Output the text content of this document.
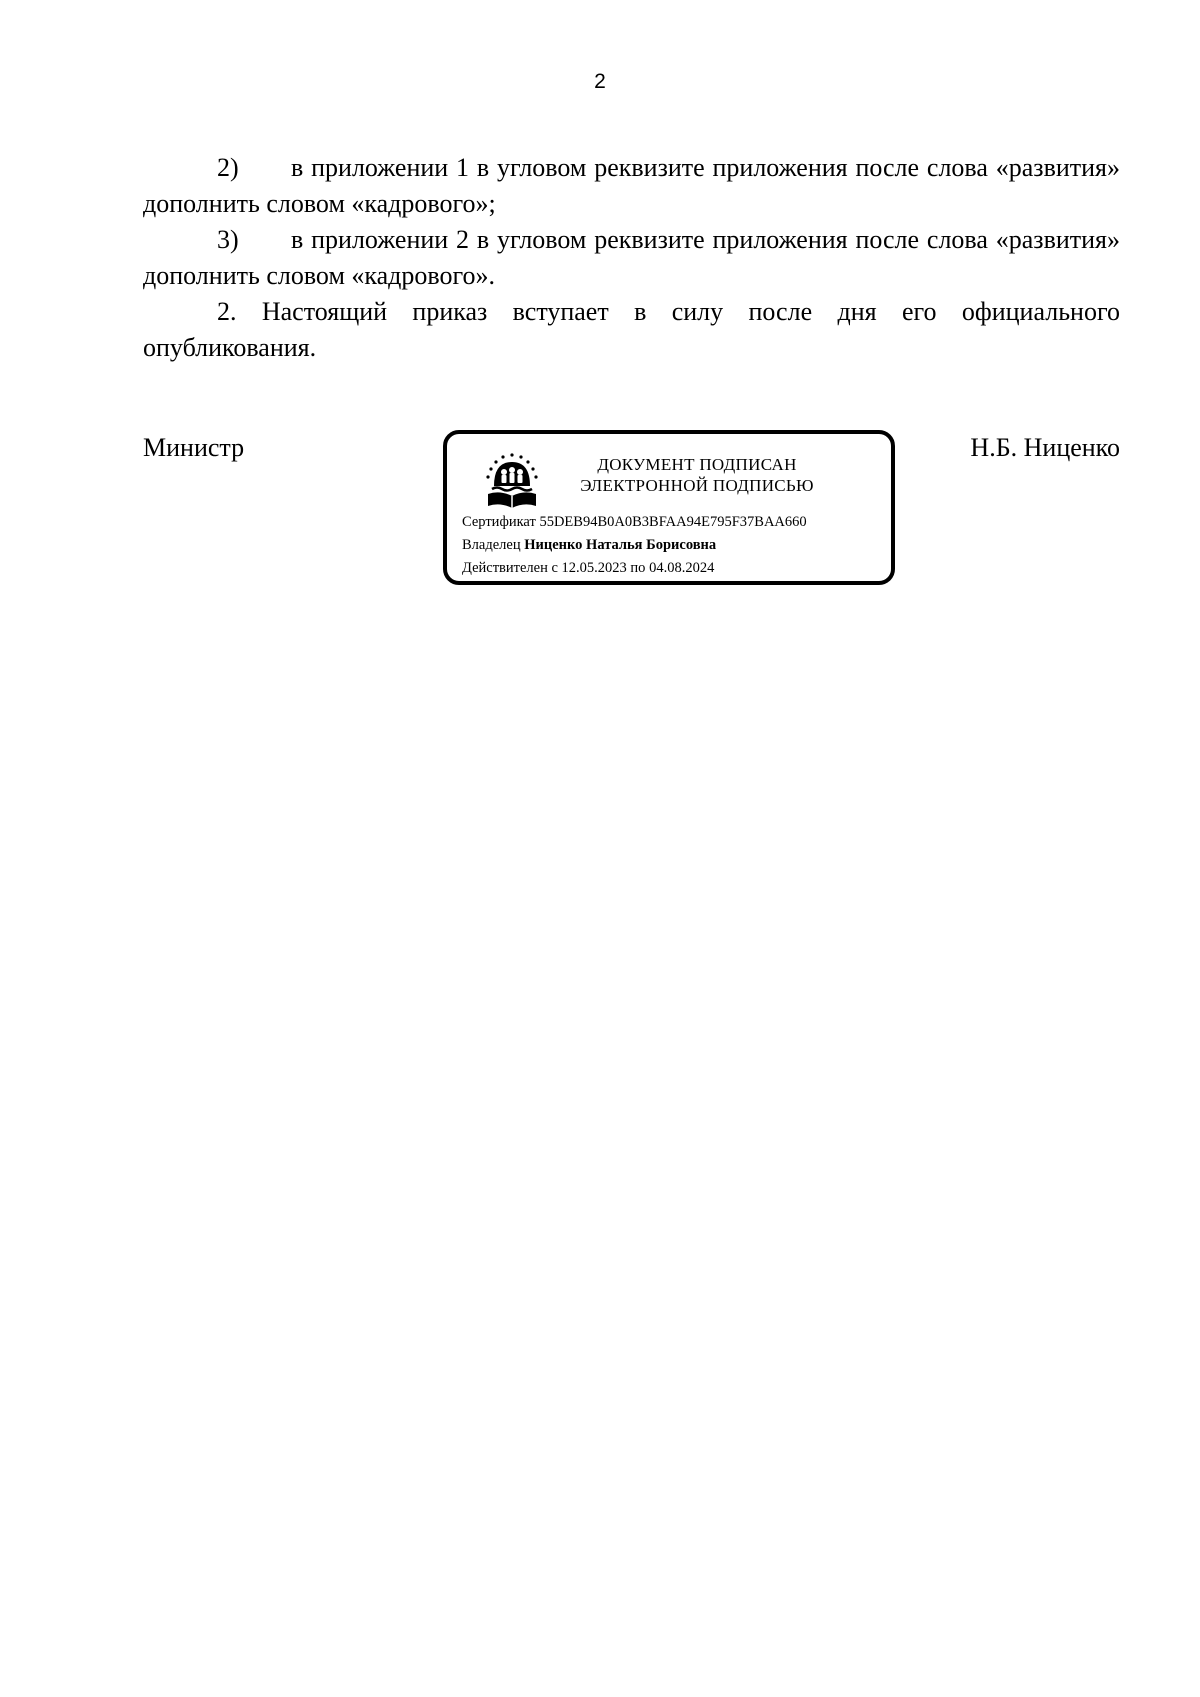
2

2) в приложении 1 в угловом реквизите приложения после слова «развития» дополнить словом «кадрового»;

3) в приложении 2 в угловом реквизите приложения после слова «развития» дополнить словом «кадрового».

2. Настоящий приказ вступает в силу после дня его официального опубликования.

Министр	Н.Б. Ниценко
ДОКУМЕНТ ПОДПИСАН
ЭЛЕКТРОННОЙ ПОДПИСЬЮ
Сертификат 55DEB94B0A0B3BFAA94E795F37BAA660
Владелец Ниценко Наталья Борисовна
Действителен с 12.05.2023 по 04.08.2024
